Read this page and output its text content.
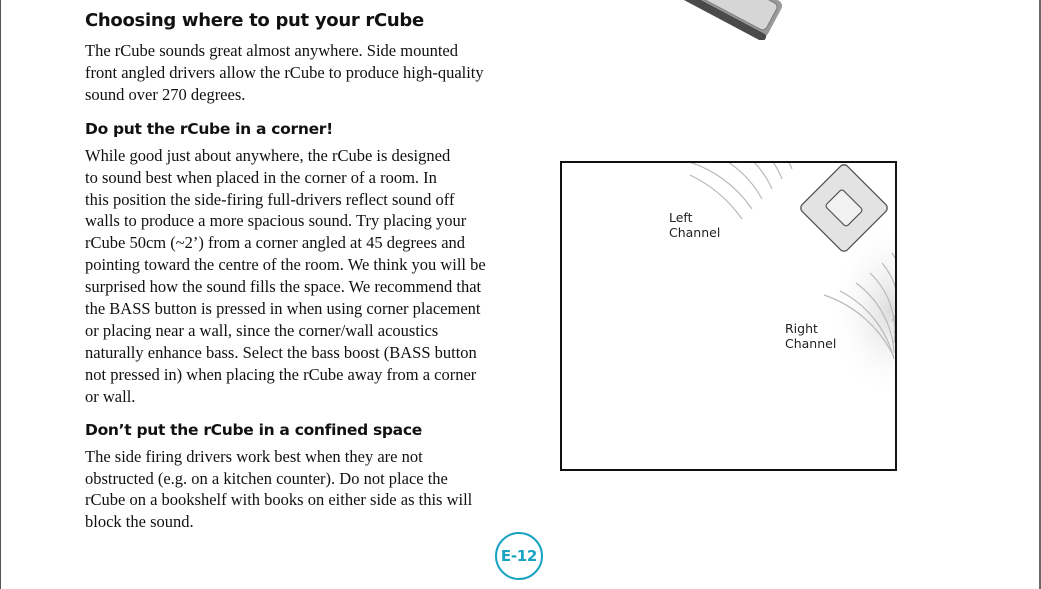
Choosing where to put your rCube

The rCube sounds great almost anywhere. Side mounted
front angled drivers allow the rCube to produce high-quality
sound over 270 degrees.

Do put the rCube in a corner!

While good just about anywhere, the rCube is designed
to sound best when placed in the corner of a room. In
this position the side-firing full-drivers reflect sound off
walls to produce a more spacious sound. Try placing your
rCube 50cm (~2’) from a corner angled at 45 degrees and
pointing toward the centre of the room. We think you will be
surprised how the sound fills the space. We recommend that
the BASS button is pressed in when using corner placement
or placing near a wall, since the corner/wall acoustics
naturally enhance bass. Select the bass boost (BASS button
not pressed in) when placing the rCube away from a corner
or wall.

Don’t put the rCube in a confined space

The side firing drivers work best when they are not
obstructed (e.g. on a kitchen counter). Do not place the
rCube on a bookshelf with books on either side as this will
block the sound.

Left
Channel

Right
Channel

E-12
